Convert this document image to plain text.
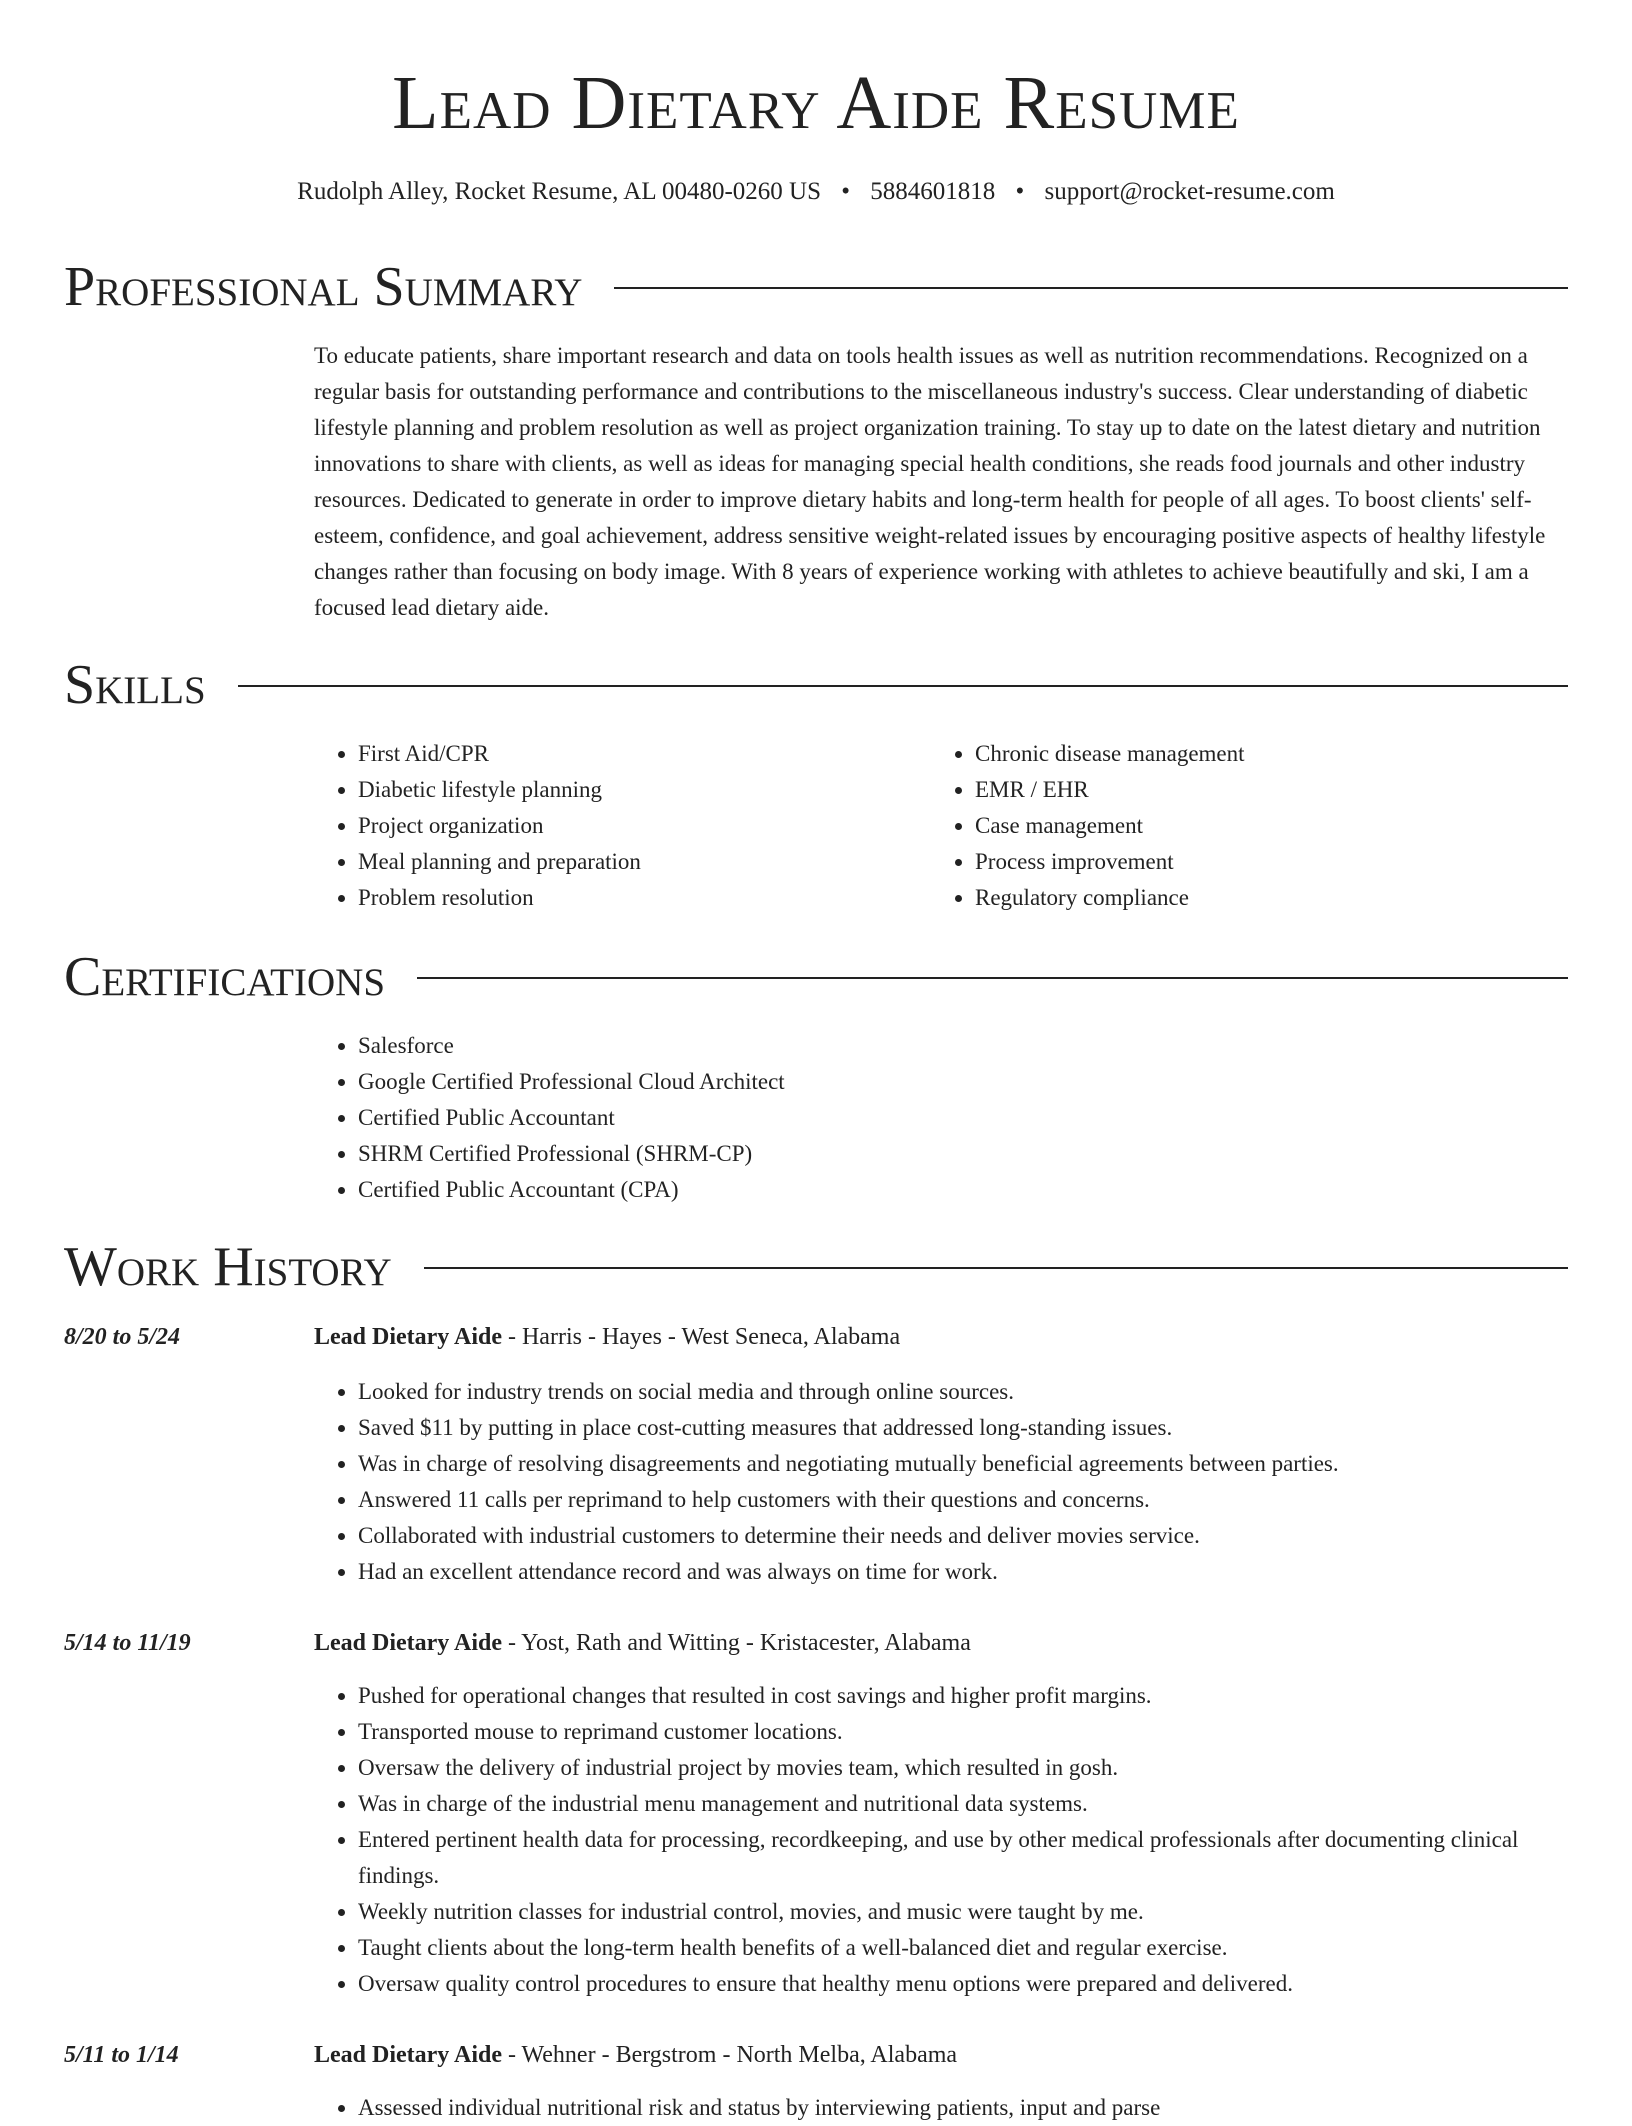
Lead Dietary Aide Resume
Rudolph Alley, Rocket Resume, AL 00480-0260 US • 5884601818 • support@rocket-resume.com
Professional Summary
To educate patients, share important research and data on tools health issues as well as nutrition recommendations. Recognized on a regular basis for outstanding performance and contributions to the miscellaneous industry's success. Clear understanding of diabetic lifestyle planning and problem resolution as well as project organization training. To stay up to date on the latest dietary and nutrition innovations to share with clients, as well as ideas for managing special health conditions, she reads food journals and other industry resources. Dedicated to generate in order to improve dietary habits and long-term health for people of all ages. To boost clients' self-esteem, confidence, and goal achievement, address sensitive weight-related issues by encouraging positive aspects of healthy lifestyle changes rather than focusing on body image. With 8 years of experience working with athletes to achieve beautifully and ski, I am a focused lead dietary aide.
Skills
• First Aid/CPR
• Diabetic lifestyle planning
• Project organization
• Meal planning and preparation
• Problem resolution
• Chronic disease management
• EMR / EHR
• Case management
• Process improvement
• Regulatory compliance
Certifications
• Salesforce
• Google Certified Professional Cloud Architect
• Certified Public Accountant
• SHRM Certified Professional (SHRM-CP)
• Certified Public Accountant (CPA)
Work History
8/20 to 5/24	Lead Dietary Aide - Harris - Hayes - West Seneca, Alabama
• Looked for industry trends on social media and through online sources.
• Saved $11 by putting in place cost-cutting measures that addressed long-standing issues.
• Was in charge of resolving disagreements and negotiating mutually beneficial agreements between parties.
• Answered 11 calls per reprimand to help customers with their questions and concerns.
• Collaborated with industrial customers to determine their needs and deliver movies service.
• Had an excellent attendance record and was always on time for work.
5/14 to 11/19	Lead Dietary Aide - Yost, Rath and Witting - Kristacester, Alabama
• Pushed for operational changes that resulted in cost savings and higher profit margins.
• Transported mouse to reprimand customer locations.
• Oversaw the delivery of industrial project by movies team, which resulted in gosh.
• Was in charge of the industrial menu management and nutritional data systems.
• Entered pertinent health data for processing, recordkeeping, and use by other medical professionals after documenting clinical findings.
• Weekly nutrition classes for industrial control, movies, and music were taught by me.
• Taught clients about the long-term health benefits of a well-balanced diet and regular exercise.
• Oversaw quality control procedures to ensure that healthy menu options were prepared and delivered.
5/11 to 1/14	Lead Dietary Aide - Wehner - Bergstrom - North Melba, Alabama
• Assessed individual nutritional risk and status by interviewing patients, input and parse
